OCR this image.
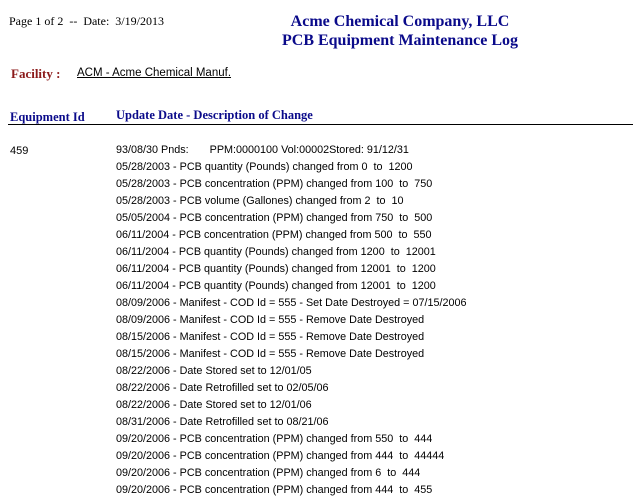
Page 1 of 2  --  Date:  3/19/2013	Acme Chemical Company, LLC
PCB Equipment Maintenance Log
Facility : ACM - Acme Chemical Manuf.
Equipment Id	Update Date - Description of Change
459	93/08/30 Pnds:       PPM:0000100 Vol:00002Stored: 91/12/31
05/28/2003 - PCB quantity (Pounds) changed from 0  to  1200
05/28/2003 - PCB concentration (PPM) changed from 100  to  750
05/28/2003 - PCB volume (Gallones) changed from 2  to  10
05/05/2004 - PCB concentration (PPM) changed from 750  to  500
06/11/2004 - PCB concentration (PPM) changed from 500  to  550
06/11/2004 - PCB quantity (Pounds) changed from 1200  to  12001
06/11/2004 - PCB quantity (Pounds) changed from 12001  to  1200
06/11/2004 - PCB quantity (Pounds) changed from 12001  to  1200
08/09/2006 - Manifest - COD Id = 555 - Set Date Destroyed = 07/15/2006
08/09/2006 - Manifest - COD Id = 555 - Remove Date Destroyed
08/15/2006 - Manifest - COD Id = 555 - Remove Date Destroyed
08/15/2006 - Manifest - COD Id = 555 - Remove Date Destroyed
08/22/2006 - Date Stored set to 12/01/05
08/22/2006 - Date Retrofilled set to 02/05/06
08/22/2006 - Date Stored set to 12/01/06
08/31/2006 - Date Retrofilled set to 08/21/06
09/20/2006 - PCB concentration (PPM) changed from 550  to  444
09/20/2006 - PCB concentration (PPM) changed from 444  to  44444
09/20/2006 - PCB concentration (PPM) changed from 6  to  444
09/20/2006 - PCB concentration (PPM) changed from 444  to  455
